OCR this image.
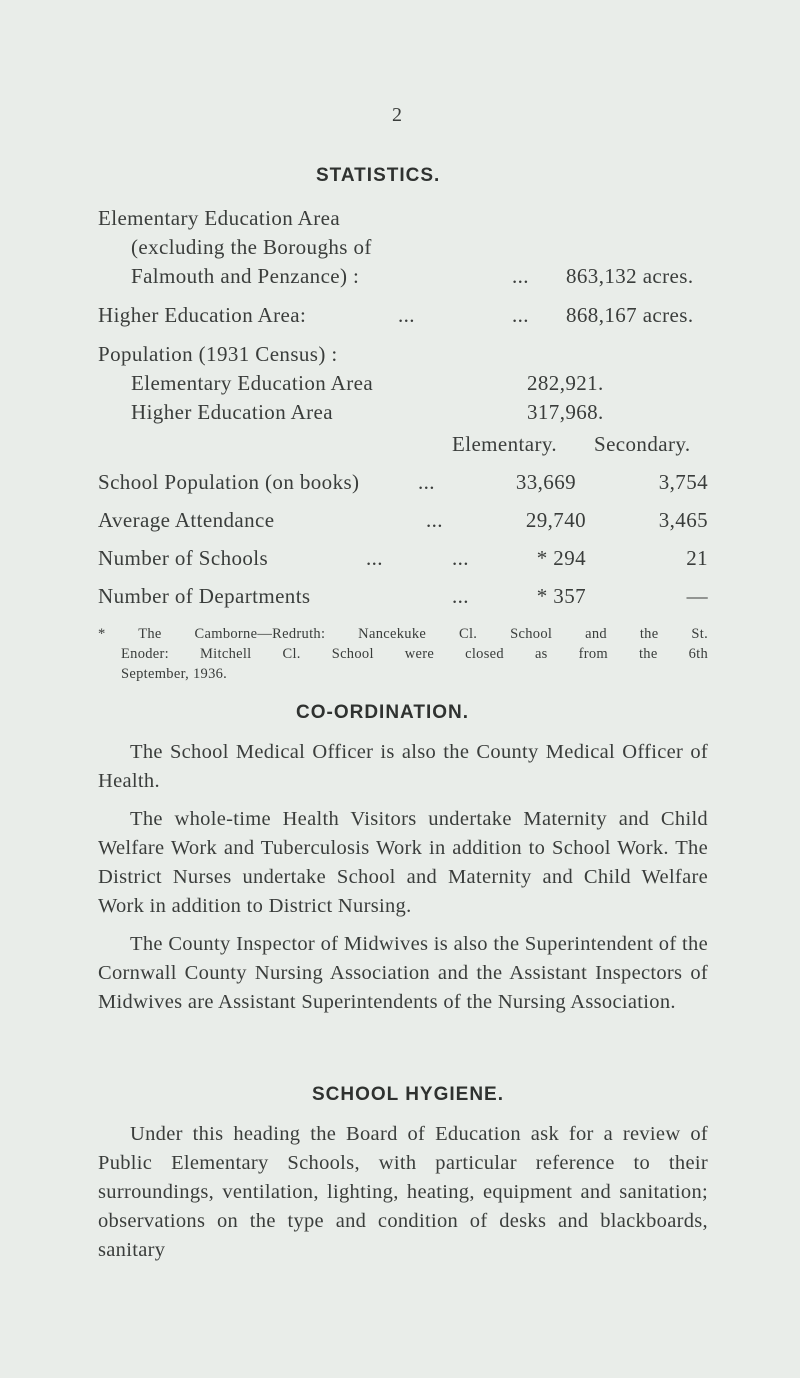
2
STATISTICS.
Elementary Education Area
(excluding the Boroughs of
Falmouth and Penzance) :	... 863,132 acres.
Higher Education Area:	...	... 868,167 acres.
Population (1931 Census) :
Elementary Education Area	282,921.
Higher Education Area	317,968.
Elementary. Secondary.
School Population (on books)	...	33,669	3,754
Average Attendance	...	29,740	3,465
Number of Schools	...	...	* 294	21
Number of Departments	...	* 357	—
* The Camborne—Redruth: Nancekuke Cl. School and the St.
Enoder: Mitchell Cl. School were closed as from the 6th
September, 1936.
CO-ORDINATION.

The School Medical Officer is also the County Medical Officer of Health.

The whole-time Health Visitors undertake Maternity and Child Welfare Work and Tuberculosis Work in addition to School Work. The District Nurses undertake School and Maternity and Child Welfare Work in addition to District Nursing.

The County Inspector of Midwives is also the Superintendent of the Cornwall County Nursing Association and the Assistant Inspectors of Midwives are Assistant Superintendents of the Nursing Association.

SCHOOL HYGIENE.

Under this heading the Board of Education ask for a review of Public Elementary Schools, with particular reference to their surroundings, ventilation, lighting, heating, equipment and sanitation; observations on the type and condition of desks and blackboards, sanitary
